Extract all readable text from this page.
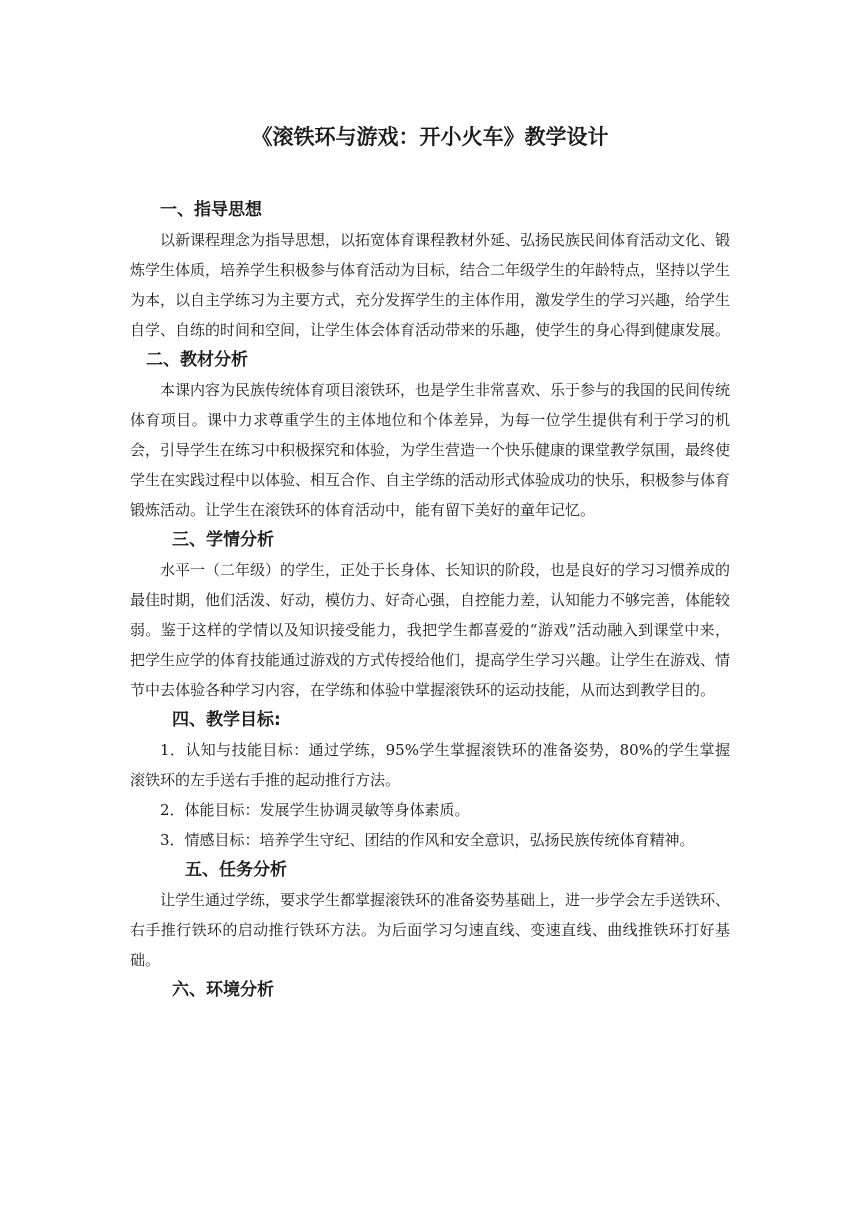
《滚铁环与游戏：开小火车》教学设计
一、指导思想

以新课程理念为指导思想，以拓宽体育课程教材外延、弘扬民族民间体育活动文化、锻炼学生体质，培养学生积极参与体育活动为目标，结合二年级学生的年龄特点，坚持以学生为本，以自主学练习为主要方式，充分发挥学生的主体作用，激发学生的学习兴趣，给学生自学、自练的时间和空间，让学生体会体育活动带来的乐趣，使学生的身心得到健康发展。

二、教材分析

本课内容为民族传统体育项目滚铁环，也是学生非常喜欢、乐于参与的我国的民间传统体育项目。课中力求尊重学生的主体地位和个体差异，为每一位学生提供有利于学习的机会，引导学生在练习中积极探究和体验，为学生营造一个快乐健康的课堂教学氛围，最终使学生在实践过程中以体验、相互合作、自主学练的活动形式体验成功的快乐，积极参与体育锻炼活动。让学生在滚铁环的体育活动中，能有留下美好的童年记忆。

三、学情分析

水平一（二年级）的学生，正处于长身体、长知识的阶段，也是良好的学习习惯养成的最佳时期，他们活泼、好动，模仿力、好奇心强，自控能力差，认知能力不够完善，体能较弱。鉴于这样的学情以及知识接受能力，我把学生都喜爱的“游戏”活动融入到课堂中来，把学生应学的体育技能通过游戏的方式传授给他们，提高学生学习兴趣。让学生在游戏、情节中去体验各种学习内容，在学练和体验中掌握滚铁环的运动技能，从而达到教学目的。

四、教学目标:

1．认知与技能目标：通过学练，95%学生掌握滚铁环的准备姿势，80%的学生掌握滚铁环的左手送右手推的起动推行方法。

2．体能目标：发展学生协调灵敏等身体素质。

3．情感目标：培养学生守纪、团结的作风和安全意识，弘扬民族传统体育精神。

五、任务分析

让学生通过学练，要求学生都掌握滚铁环的准备姿势基础上，进一步学会左手送铁环、右手推行铁环的启动推行铁环方法。为后面学习匀速直线、变速直线、曲线推铁环打好基础。

六、环境分析
